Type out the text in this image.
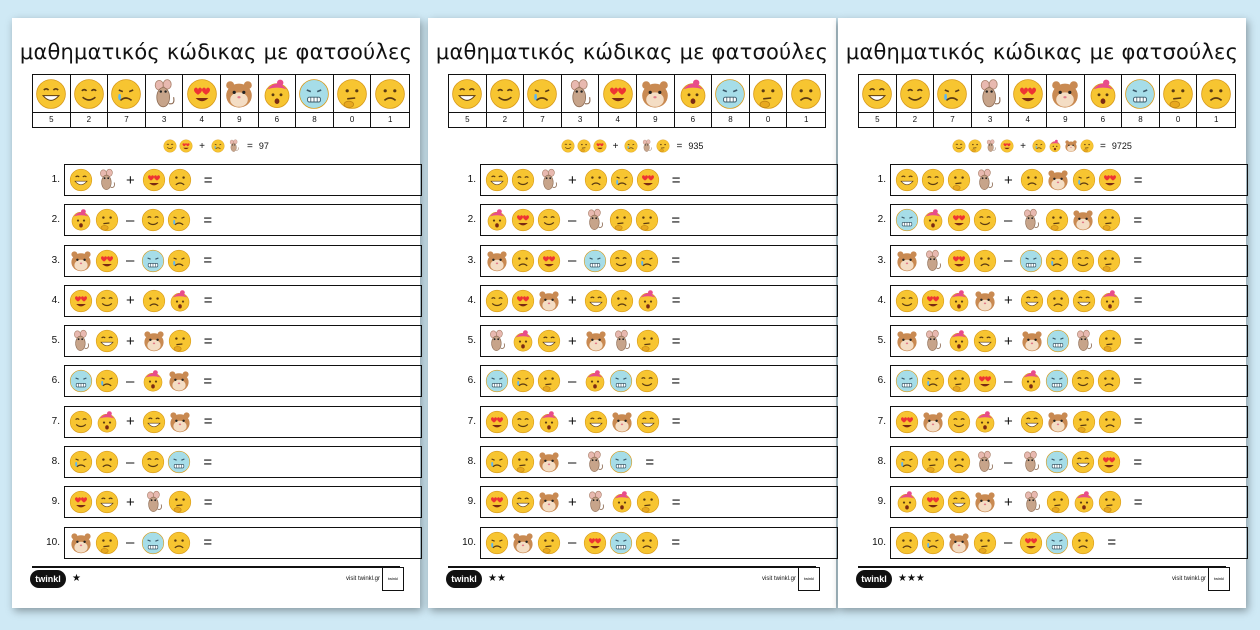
μαθηματικός κώδικας με φατσούλες
5	2	7	3	4	9	6	8	0	1
+	= 97
1.	+	=
2.	–	=
3.	–	=
4.	+	=
5.	+	=
6.	–	=
7.	+	=
8.	–	=
9.	+	=
10.	–	=
twinkl	★	visit twinkl.gr	twinkl
μαθηματικός κώδικας με φατσούλες
5	2	7	3	4	9	6	8	0	1
+	= 935
1.	+	=
2.	–	=
3.	–	=
4.	+	=
5.	+	=
6.	–	=
7.	+	=
8.	–	=
9.	+	=
10.	–	=
twinkl	★★	visit twinkl.gr	twinkl
μαθηματικός κώδικας με φατσούλες
5	2	7	3	4	9	6	8	0	1
+	= 9725
1.	+	=
2.	–	=
3.	–	=
4.	+	=
5.	+	=
6.	–	=
7.	+	=
8.	–	=
9.	+	=
10.	–	=
twinkl	★★★	visit twinkl.gr	twinkl
